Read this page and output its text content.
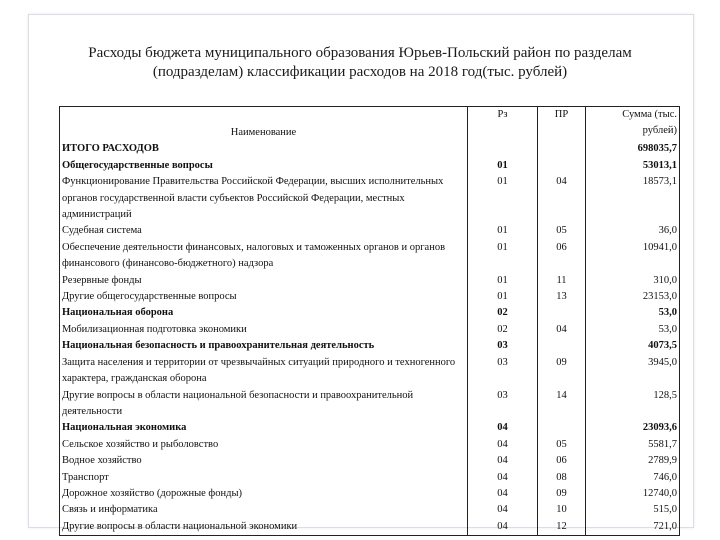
Расходы бюджета муниципального образования Юрьев-Польский район по разделам
(подразделам) классификации расходов на 2018 год(тыс. рублей)
Наименование	Рз	ПР	Сумма (тыс.
рублей)

ИТОГО РАСХОДОВ			698035,7
Общегосударственные вопросы	01		53013,1
Функционирование Правительства Российской Федерации, высших исполнительных органов государственной власти субъектов Российской Федерации, местных администраций	01	04	18573,1
Судебная система	01	05	36,0
Обеспечение деятельности финансовых, налоговых и таможенных органов и органов финансового (финансово-бюджетного) надзора	01	06	10941,0
Резервные фонды	01	11	310,0
Другие общегосударственные вопросы	01	13	23153,0
Национальная оборона	02		53,0
Мобилизационная подготовка экономики	02	04	53,0
Национальная безопасность и правоохранительная деятельность	03		4073,5
Защита населения и территории от чрезвычайных ситуаций природного и техногенного характера, гражданская оборона	03	09	3945,0
Другие вопросы в области национальной безопасности и правоохранительной деятельности	03	14	128,5
Национальная экономика	04		23093,6
Сельское хозяйство и рыболовство	04	05	5581,7
Водное хозяйство	04	06	2789,9
Транспорт	04	08	746,0
Дорожное хозяйство (дорожные фонды)	04	09	12740,0
Связь и информатика	04	10	515,0
Другие вопросы в области национальной экономики	04	12	721,0
